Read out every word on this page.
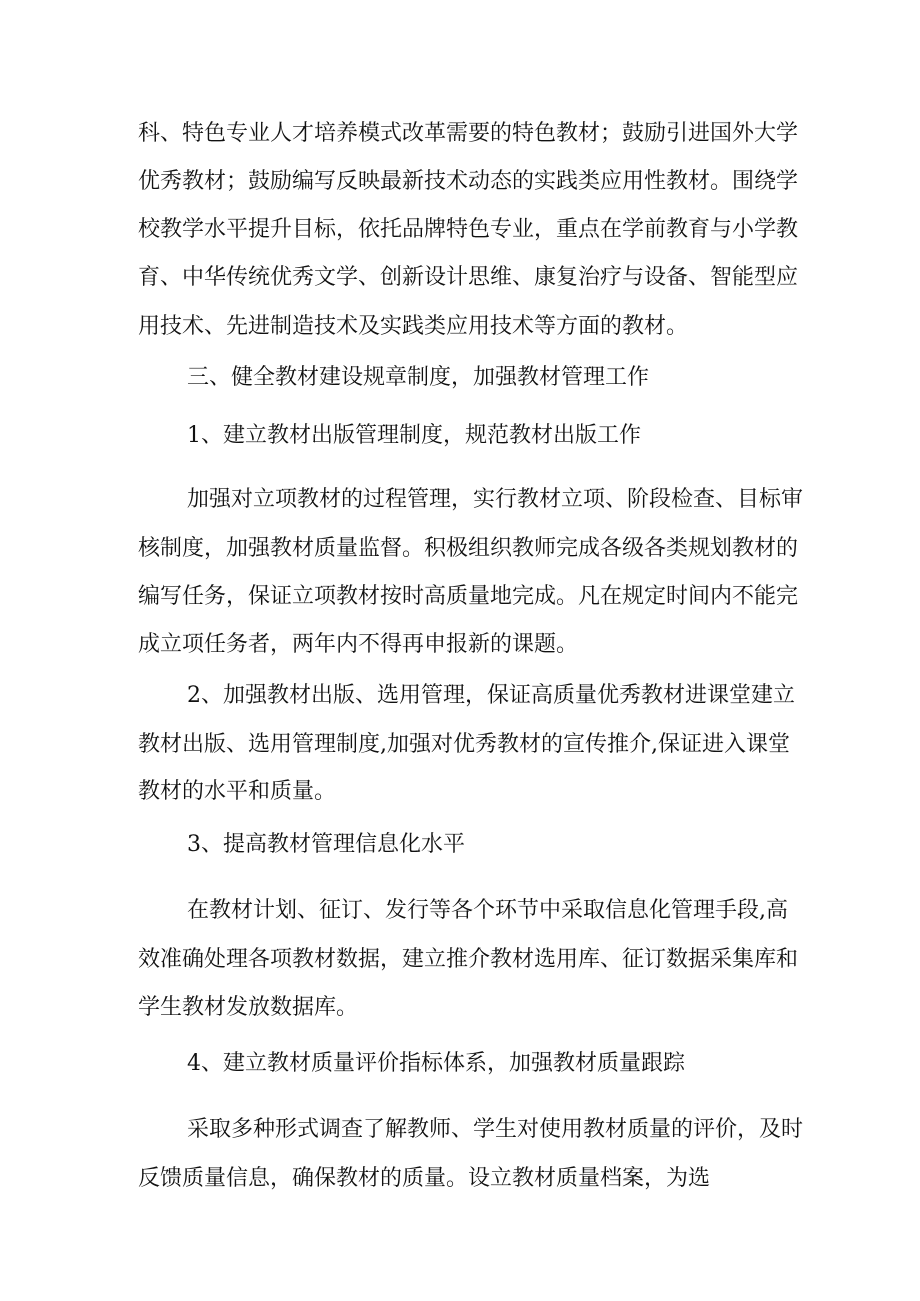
科、特色专业人才培养模式改革需要的特色教材；鼓励引进国外大学

优秀教材；鼓励编写反映最新技术动态的实践类应用性教材。围绕学

校教学水平提升目标，依托品牌特色专业，重点在学前教育与小学教

育、中华传统优秀文学、创新设计思维、康复治疗与设备、智能型应

用技术、先进制造技术及实践类应用技术等方面的教材。

三、健全教材建设规章制度，加强教材管理工作

1、建立教材出版管理制度，规范教材出版工作

加强对立项教材的过程管理，实行教材立项、阶段检查、目标审

核制度，加强教材质量监督。积极组织教师完成各级各类规划教材的

编写任务，保证立项教材按时高质量地完成。凡在规定时间内不能完

成立项任务者，两年内不得再申报新的课题。

2、加强教材出版、选用管理，保证高质量优秀教材进课堂建立

教材出版、选用管理制度,加强对优秀教材的宣传推介,保证进入课堂

教材的水平和质量。

3、提高教材管理信息化水平

在教材计划、征订、发行等各个环节中采取信息化管理手段,高

效准确处理各项教材数据，建立推介教材选用库、征订数据采集库和

学生教材发放数据库。

4、建立教材质量评价指标体系，加强教材质量跟踪

采取多种形式调查了解教师、学生对使用教材质量的评价，及时

反馈质量信息，确保教材的质量。设立教材质量档案，为选
